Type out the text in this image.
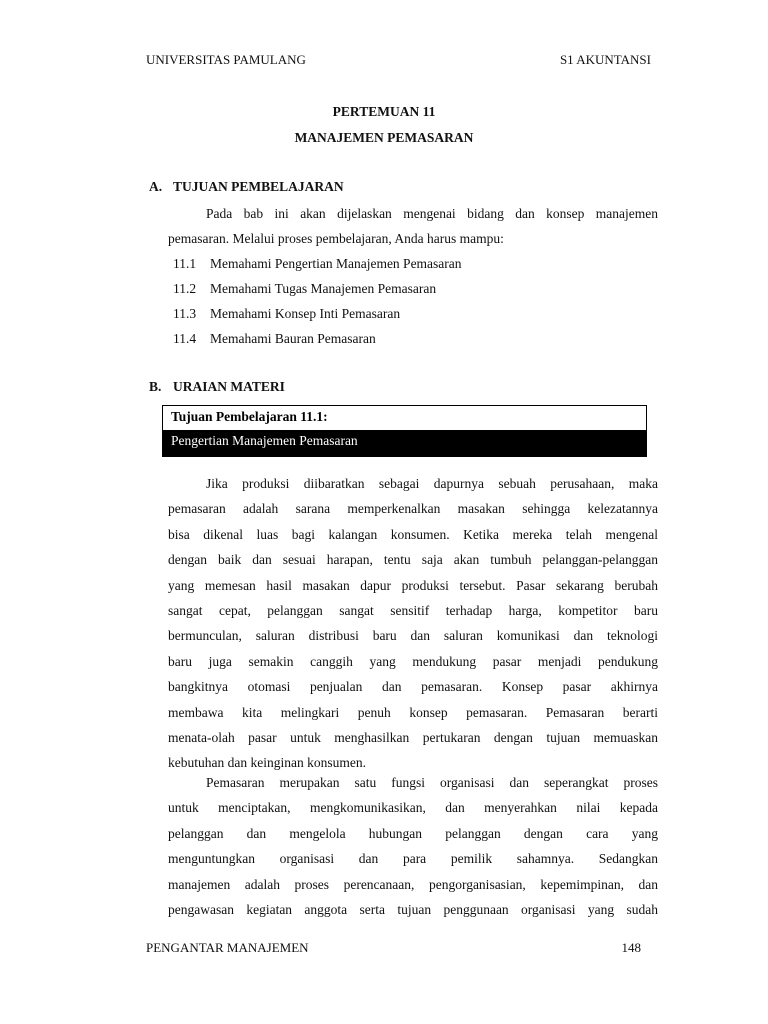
UNIVERSITAS PAMULANG	S1 AKUNTANSI
PERTEMUAN 11
MANAJEMEN PEMASARAN
A. TUJUAN PEMBELAJARAN
Pada bab ini akan dijelaskan mengenai bidang dan konsep manajemen
pemasaran. Melalui proses pembelajaran, Anda harus mampu:
11.1 Memahami Pengertian Manajemen Pemasaran
11.2 Memahami Tugas Manajemen Pemasaran
11.3 Memahami Konsep Inti Pemasaran
11.4 Memahami Bauran Pemasaran
B. URAIAN MATERI
Tujuan Pembelajaran 11.1:
Pengertian Manajemen Pemasaran
Jika produksi diibaratkan sebagai dapurnya sebuah perusahaan, maka
pemasaran adalah sarana memperkenalkan masakan sehingga kelezatannya
bisa dikenal luas bagi kalangan konsumen. Ketika mereka telah mengenal
dengan baik dan sesuai harapan, tentu saja akan tumbuh pelanggan-pelanggan
yang memesan hasil masakan dapur produksi tersebut. Pasar sekarang berubah
sangat cepat, pelanggan sangat sensitif terhadap harga, kompetitor baru
bermunculan, saluran distribusi baru dan saluran komunikasi dan teknologi
baru juga semakin canggih yang mendukung pasar menjadi pendukung
bangkitnya otomasi penjualan dan pemasaran. Konsep pasar akhirnya
membawa kita melingkari penuh konsep pemasaran. Pemasaran berarti
menata-olah pasar untuk menghasilkan pertukaran dengan tujuan memuaskan
kebutuhan dan keinginan konsumen.
Pemasaran merupakan satu fungsi organisasi dan seperangkat proses
untuk menciptakan, mengkomunikasikan, dan menyerahkan nilai kepada
pelanggan dan mengelola hubungan pelanggan dengan cara yang
menguntungkan organisasi dan para pemilik sahamnya. Sedangkan
manajemen adalah proses perencanaan, pengorganisasian, kepemimpinan, dan
pengawasan kegiatan anggota serta tujuan penggunaan organisasi yang sudah
PENGANTAR MANAJEMEN	148
